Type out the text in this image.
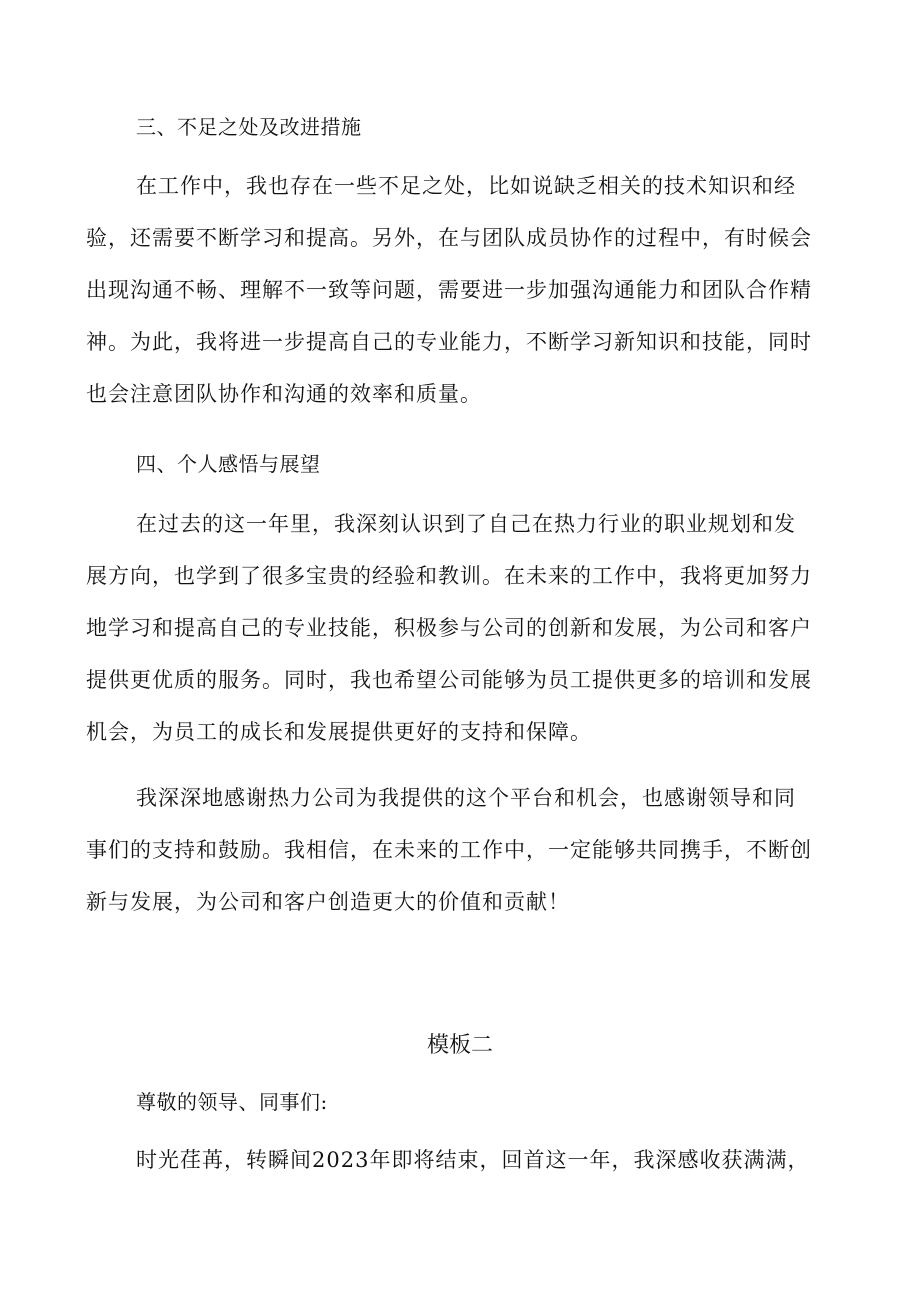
三、不足之处及改进措施
在工作中，我也存在一些不足之处，比如说缺乏相关的技术知识和经
验，还需要不断学习和提高。另外，在与团队成员协作的过程中，有时候会
出现沟通不畅、理解不一致等问题，需要进一步加强沟通能力和团队合作精
神。为此，我将进一步提高自己的专业能力，不断学习新知识和技能，同时
也会注意团队协作和沟通的效率和质量。
四、个人感悟与展望
在过去的这一年里，我深刻认识到了自己在热力行业的职业规划和发
展方向，也学到了很多宝贵的经验和教训。在未来的工作中，我将更加努力
地学习和提高自己的专业技能，积极参与公司的创新和发展，为公司和客户
提供更优质的服务。同时，我也希望公司能够为员工提供更多的培训和发展
机会，为员工的成长和发展提供更好的支持和保障。
我深深地感谢热力公司为我提供的这个平台和机会，也感谢领导和同
事们的支持和鼓励。我相信，在未来的工作中，一定能够共同携手，不断创
新与发展，为公司和客户创造更大的价值和贡献！
模板二
尊敬的领导、同事们:
时光荏苒，转瞬间2023年即将结束，回首这一年，我深感收获满满，
